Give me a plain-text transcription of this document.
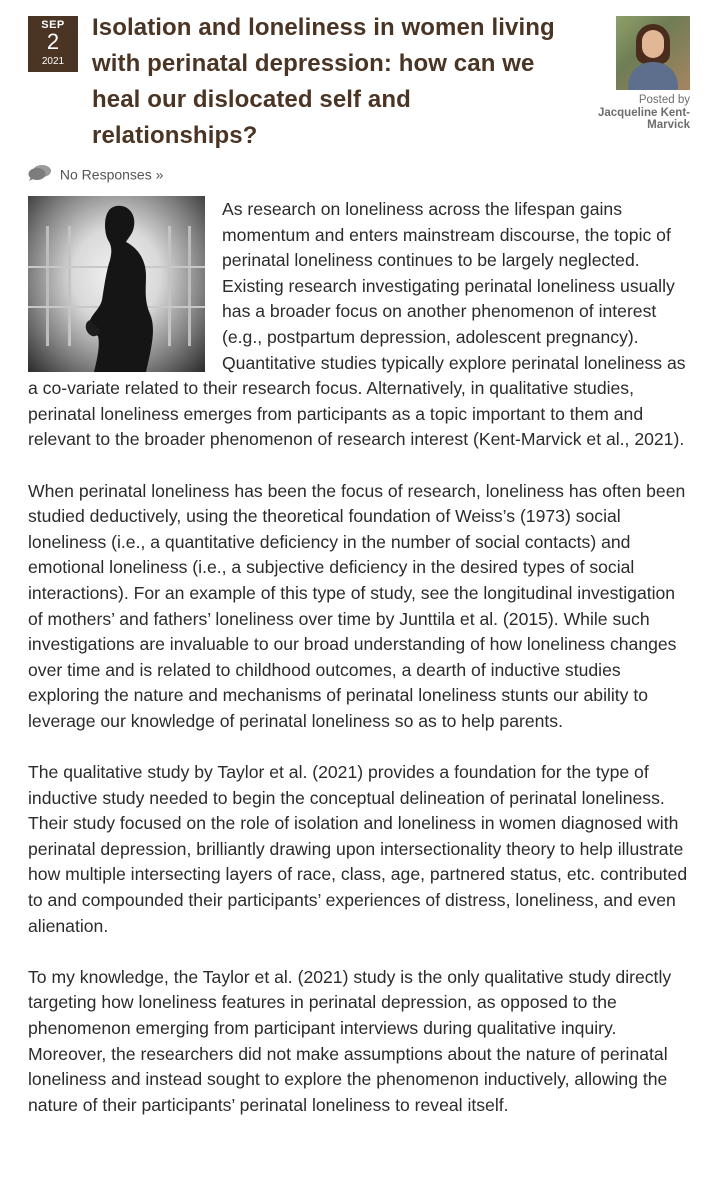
SEP
2
2021
Isolation and loneliness in women living with perinatal depression: how can we heal our dislocated self and relationships?
Posted by
Jacqueline Kent-Marvick
No Responses »

As research on loneliness across the lifespan gains momentum and enters mainstream discourse, the topic of perinatal loneliness continues to be largely neglected. Existing research investigating perinatal loneliness usually has a broader focus on another phenomenon of interest (e.g., postpartum depression, adolescent pregnancy). Quantitative studies typically explore perinatal loneliness as a co-variate related to their research focus. Alternatively, in qualitative studies, perinatal loneliness emerges from participants as a topic important to them and relevant to the broader phenomenon of research interest (Kent-Marvick et al., 2021).

When perinatal loneliness has been the focus of research, loneliness has often been studied deductively, using the theoretical foundation of Weiss’s (1973) social loneliness (i.e., a quantitative deficiency in the number of social contacts) and emotional loneliness (i.e., a subjective deficiency in the desired types of social interactions). For an example of this type of study, see the longitudinal investigation of mothers’ and fathers’ loneliness over time by Junttila et al. (2015). While such investigations are invaluable to our broad understanding of how loneliness changes over time and is related to childhood outcomes, a dearth of inductive studies exploring the nature and mechanisms of perinatal loneliness stunts our ability to leverage our knowledge of perinatal loneliness so as to help parents.

The qualitative study by Taylor et al. (2021) provides a foundation for the type of inductive study needed to begin the conceptual delineation of perinatal loneliness. Their study focused on the role of isolation and loneliness in women diagnosed with perinatal depression, brilliantly drawing upon intersectionality theory to help illustrate how multiple intersecting layers of race, class, age, partnered status, etc. contributed to and compounded their participants’ experiences of distress, loneliness, and even alienation.

To my knowledge, the Taylor et al. (2021) study is the only qualitative study directly targeting how loneliness features in perinatal depression, as opposed to the phenomenon emerging from participant interviews during qualitative inquiry. Moreover, the researchers did not make assumptions about the nature of perinatal loneliness and instead sought to explore the phenomenon inductively, allowing the nature of their participants’ perinatal loneliness to reveal itself.
